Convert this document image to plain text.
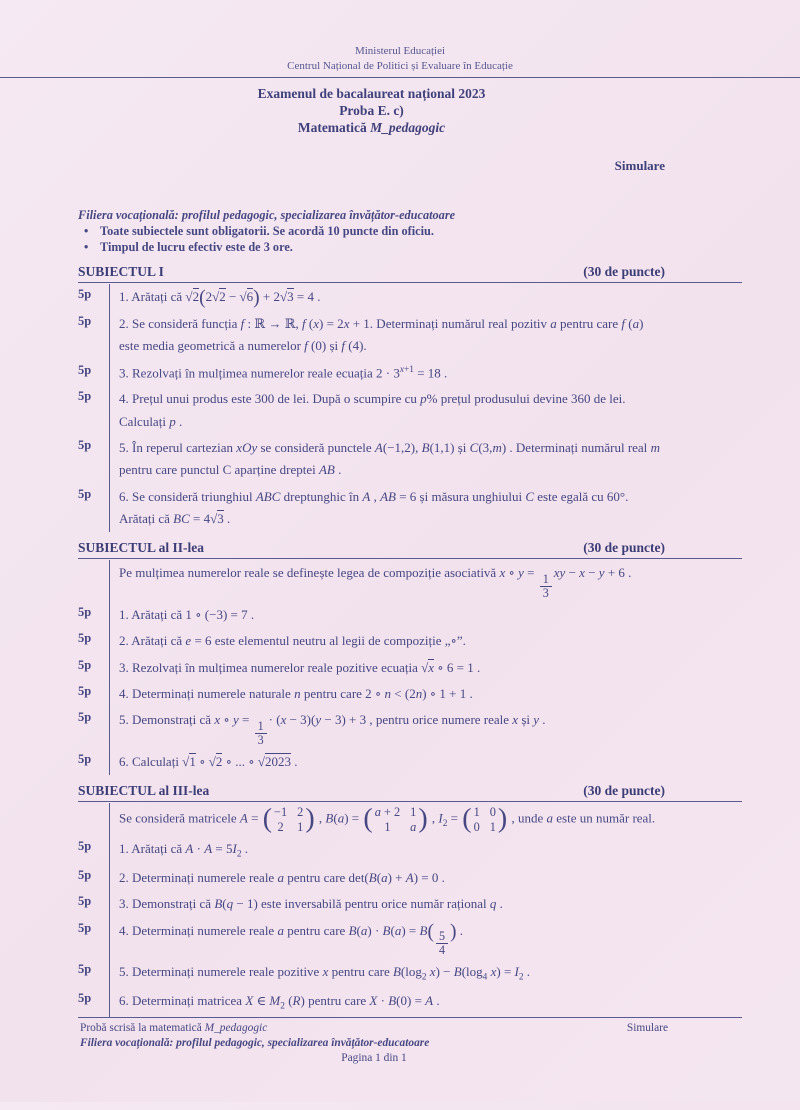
Ministerul Educației
Centrul Național de Politici și Evaluare în Educație
Examenul de bacalaureat național 2023
Proba E. c)
Matematică M_pedagogic
Simulare
Filiera vocațională: profilul pedagogic, specializarea învățător-educatoare
• Toate subiectele sunt obligatorii. Se acordă 10 puncte din oficiu.
• Timpul de lucru efectiv este de 3 ore.
SUBIECTUL I	(30 de puncte)
5p	1. Arătați că √2(2√2 − √6) + 2√3 = 4 .
5p	2. Se consideră funcția f : ℝ → ℝ, f (x) = 2x + 1. Determinați numărul real pozitiv a pentru care f (a) este media geometrică a numerelor f (0) și f (4).
5p	3. Rezolvați în mulțimea numerelor reale ecuația $2 \cdot 3^{x+1} = 18$ .
5p	4. Prețul unui produs este 300 de lei. După o scumpire cu p% prețul produsului devine 360 de lei. Calculați p .
5p	5. În reperul cartezian xOy se consideră punctele A(−1,2), B(1,1) și C(3,m) . Determinați numărul real m pentru care punctul C aparține dreptei AB .
5p	6. Se consideră triunghiul ABC dreptunghic în A , AB = 6 și măsura unghiului C este egală cu 60°. Arătați că BC = 4√3 .
SUBIECTUL al II-lea	(30 de puncte)
Pe mulțimea numerelor reale se definește legea de compoziție asociativă x ∘ $y = \frac{1}{3}$ xy − x − y + 6 .
5p	1. Arătați că 1 ∘ (−3) = 7 .
5p	2. Arătați că e = 6 este elementul neutru al legii de compoziție „∘”.
5p	3. Rezolvați în mulțimea numerelor reale pozitive ecuația √x ∘ 6 = 1 .
5p	4. Determinați numerele naturale n pentru care 2 ∘ n < (2n) ∘ 1 + 1 .
5p	5. Demonstrați că x ∘ $y = \frac{1}{3} \cdot (x - 3)(y - 3) + 3$ , pentru orice numere reale x și y .
5p	6. Calculați √1 ∘ √2 ∘ ... ∘ √2023 .
SUBIECTUL al III-lea	(30 de puncte)
Se consideră matricele A = ( −1 2
2 1
) , B(a) = ( a + 2 1
1	a
) , $I_2$ = ( 1 0
0 1
) , unde a este un număr real.
5p	1. Arătați că $A \cdot A = 5I_2$ .
5p	2. Determinați numerele reale a pentru care det(B(a) + A) = 0 .
5p	3. Demonstrați că B(q − 1) este inversabilă pentru orice număr rațional q .
5p	4. Determinați numerele reale a pentru care $B(a) \cdot B(a) = B( \frac{5}{4}$ ) .
5p	5. Determinați numerele reale pozitive x pentru care $B(\log_2$ $x) - B(\log_4$ $x) = I_2$ .
5p	6. Determinați matricea X ∈ $M_2$ (R) pentru care X · B(0) = A .
Probă scrisă la matematică M_pedagogic	Simulare
Filiera vocațională: profilul pedagogic, specializarea învățător-educatoare
Pagina 1 din 1
